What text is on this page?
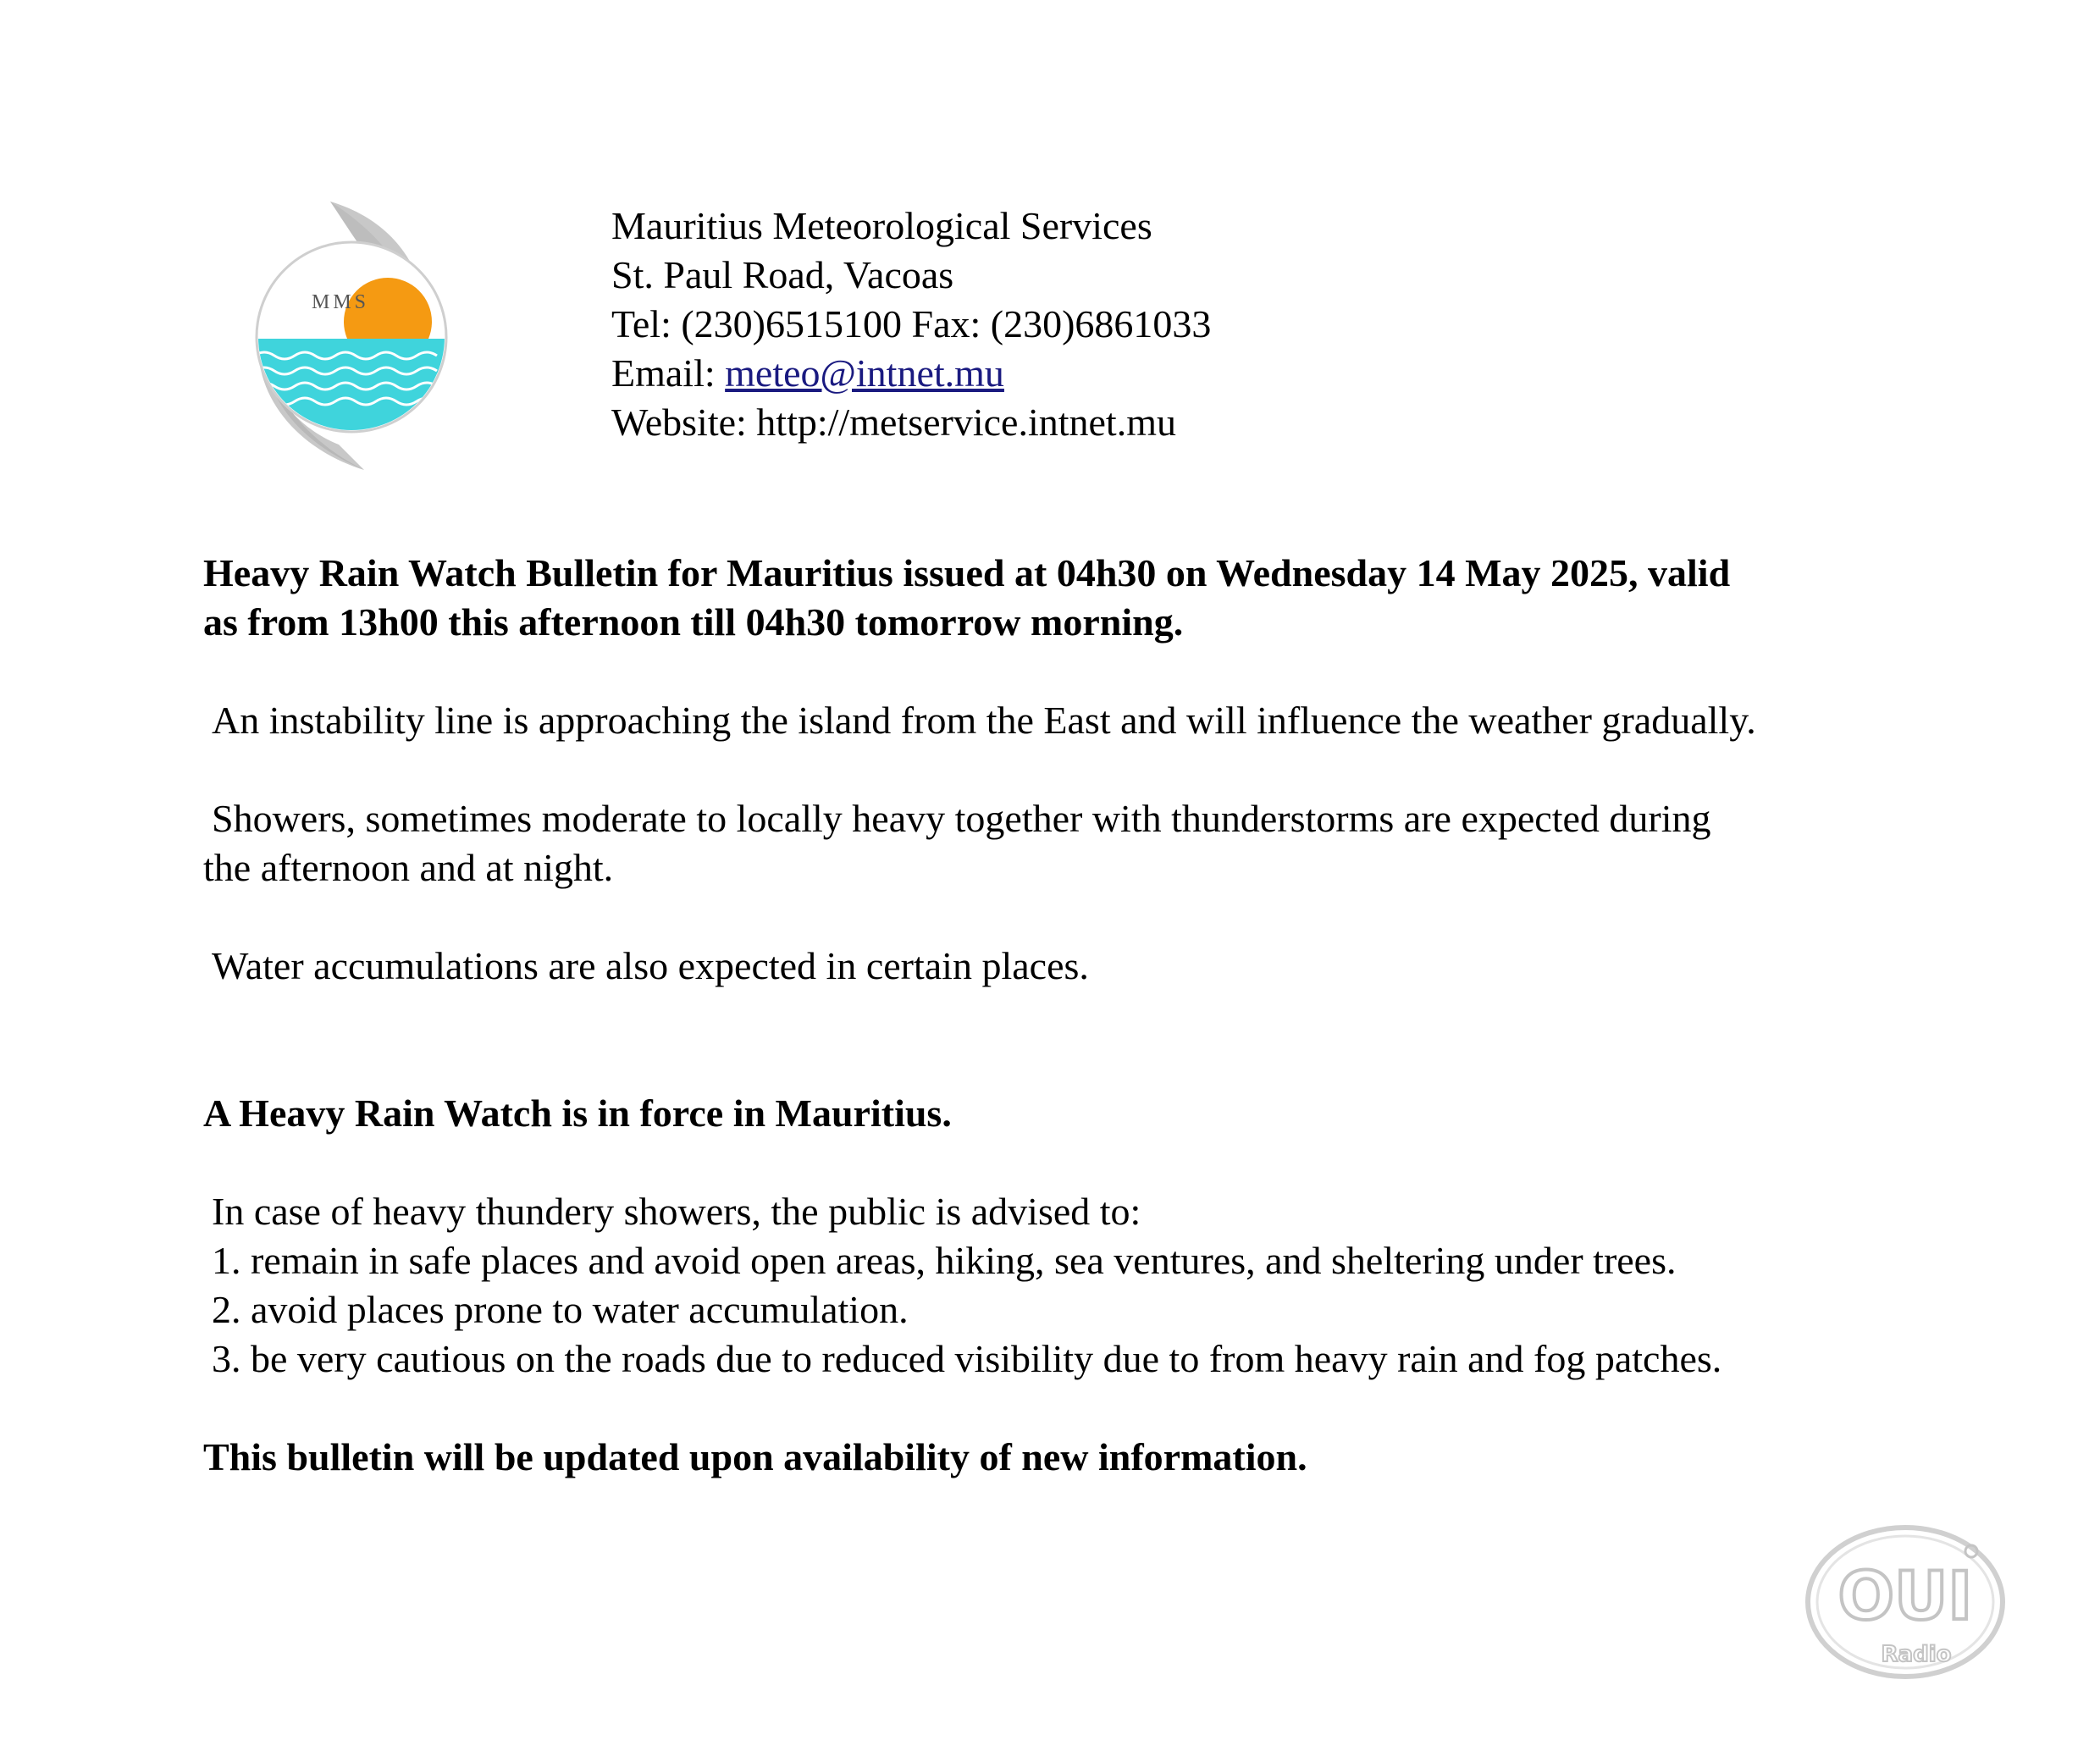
MMS
Mauritius Meteorological Services
St. Paul Road, Vacoas
Tel: (230)6515100 Fax: (230)6861033
Email: meteo@intnet.mu
Website: http://metservice.intnet.mu

Heavy Rain Watch Bulletin for Mauritius issued at 04h30 on Wednesday 14 May 2025, valid
as from 13h00 this afternoon till 04h30 tomorrow morning.

An instability line is approaching the island from the East and will influence the weather gradually.

Showers, sometimes moderate to locally heavy together with thunderstorms are expected during
the afternoon and at night.

Water accumulations are also expected in certain places.

A Heavy Rain Watch is in force in Mauritius.

In case of heavy thundery showers, the public is advised to:

1. remain in safe places and avoid open areas, hiking, sea ventures, and sheltering under trees.

2. avoid places prone to water accumulation.

3. be very cautious on the roads due to reduced visibility due to from heavy rain and fog patches.

This bulletin will be updated upon availability of new information.

OUI
Radio
